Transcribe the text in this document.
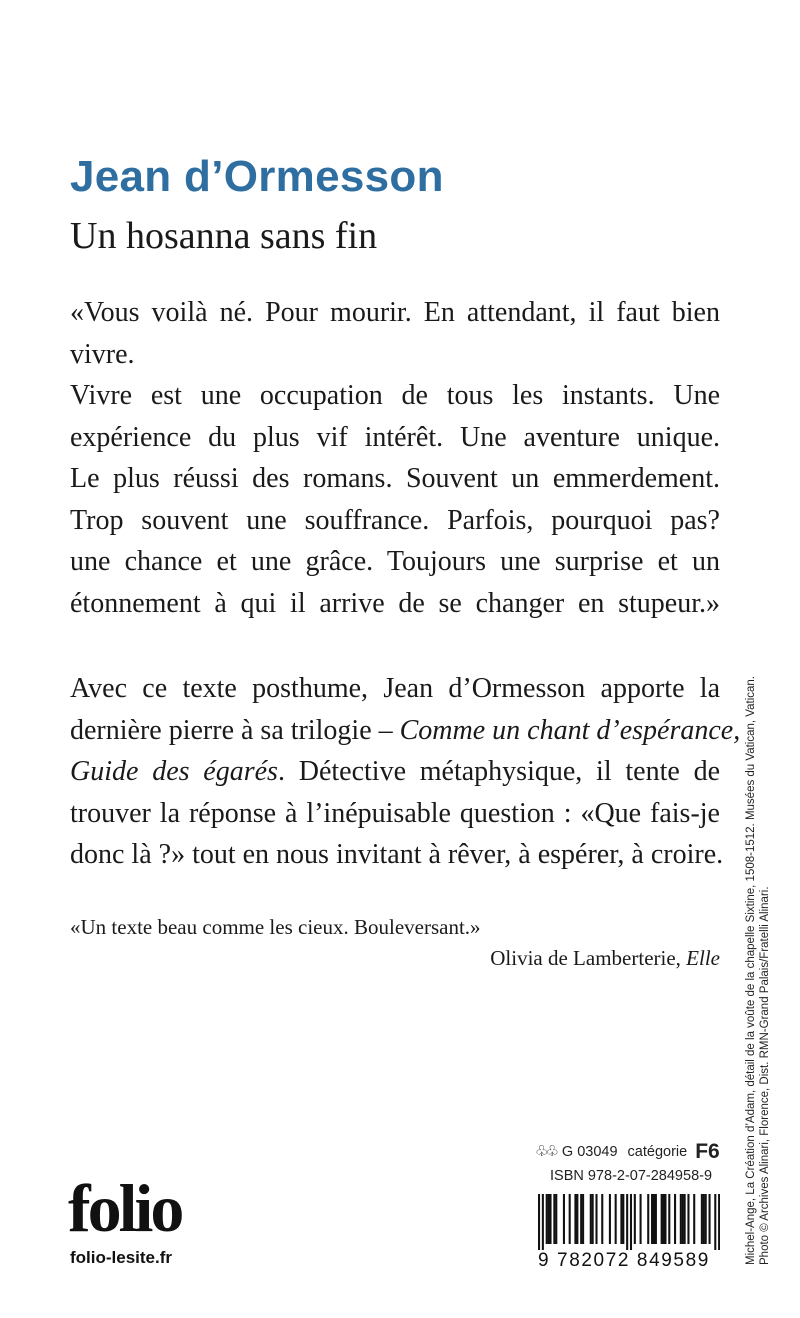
Jean d’Ormesson
Un hosanna sans fin
«Vous voilà né. Pour mourir. En attendant, il faut bien
vivre.
Vivre est une occupation de tous les instants. Une
expérience du plus vif intérêt. Une aventure unique.
Le plus réussi des romans. Souvent un emmerdement.
Trop souvent une souffrance. Parfois, pourquoi pas?
une chance et une grâce. Toujours une surprise et un
étonnement à qui il arrive de se changer en stupeur.»
Avec ce texte posthume, Jean d’Ormesson apporte la
dernière pierre à sa trilogie – Comme un chant d’espérance,
Guide des égarés. Détective métaphysique, il tente de
trouver la réponse à l’inépuisable question : «Que fais-je
donc là ?» tout en nous invitant à rêver, à espérer, à croire.

«Un texte beau comme les cieux. Bouleversant.»

Olivia de Lamberterie, Elle Michel-Ange, La Création d’Adam, détail de la voûte de la chapelle Sixtine, 1508-1512. Musées du Vatican, Vatican. Photo © Archives Alinari, Florence, Dist. RMN-Grand Palais/Fratelli Alinari.
folio
folio-lesite.fr
♧♧ G 03049 catégorie F6
ISBN 978-2-07-284958-9
9 782072 849589
